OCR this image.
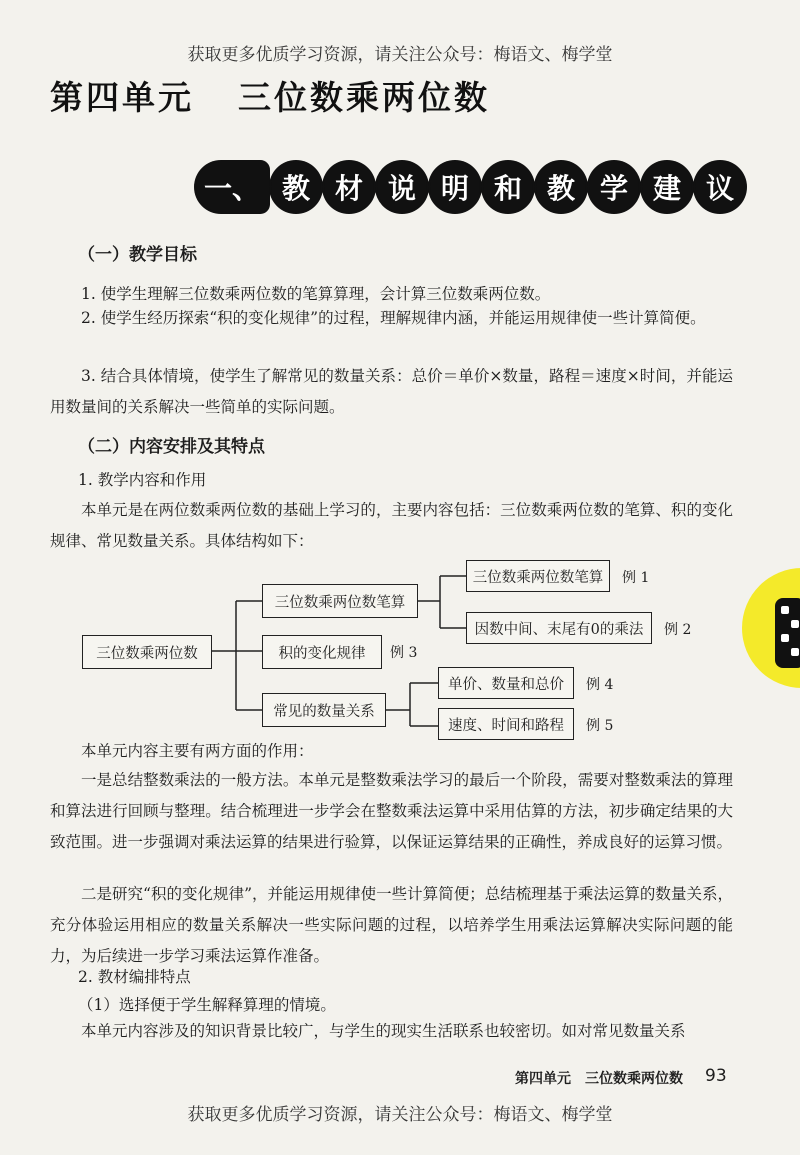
获取更多优质学习资源，请关注公众号：梅语文、梅学堂
第四单元 三位数乘两位数
一、 教 材 说 明 和 教 学 建 议
（一）教学目标
1. 使学生理解三位数乘两位数的笔算算理，会计算三位数乘两位数。
2. 使学生经历探索“积的变化规律”的过程，理解规律内涵，并能运用规律使一些计算简便。
3. 结合具体情境，使学生了解常见的数量关系：总价＝单价×数量，路程＝速度×时间，并能运用数量间的关系解决一些简单的实际问题。
（二）内容安排及其特点
1. 教学内容和作用
本单元是在两位数乘两位数的基础上学习的，主要内容包括：三位数乘两位数的笔算、积的变化规律、常见数量关系。具体结构如下：
三位数乘两位数
三位数乘两位数笔算
积的变化规律	例 3
常见的数量关系
三位数乘两位数笔算	例 1
因数中间、末尾有0的乘法	例 2
单价、数量和总价	例 4
速度、时间和路程	例 5
本单元内容主要有两方面的作用：
一是总结整数乘法的一般方法。本单元是整数乘法学习的最后一个阶段，需要对整数乘法的算理和算法进行回顾与整理。结合梳理进一步学会在整数乘法运算中采用估算的方法，初步确定结果的大致范围。进一步强调对乘法运算的结果进行验算，以保证运算结果的正确性，养成良好的运算习惯。
二是研究“积的变化规律”，并能运用规律使一些计算简便；总结梳理基于乘法运算的数量关系，充分体验运用相应的数量关系解决一些实际问题的过程，以培养学生用乘法运算解决实际问题的能力，为后续进一步学习乘法运算作准备。
2. 教材编排特点
（1）选择便于学生解释算理的情境。
本单元内容涉及的知识背景比较广，与学生的现实生活联系也较密切。如对常见数量关系
第四单元　三位数乘两位数 93
获取更多优质学习资源，请关注公众号：梅语文、梅学堂
